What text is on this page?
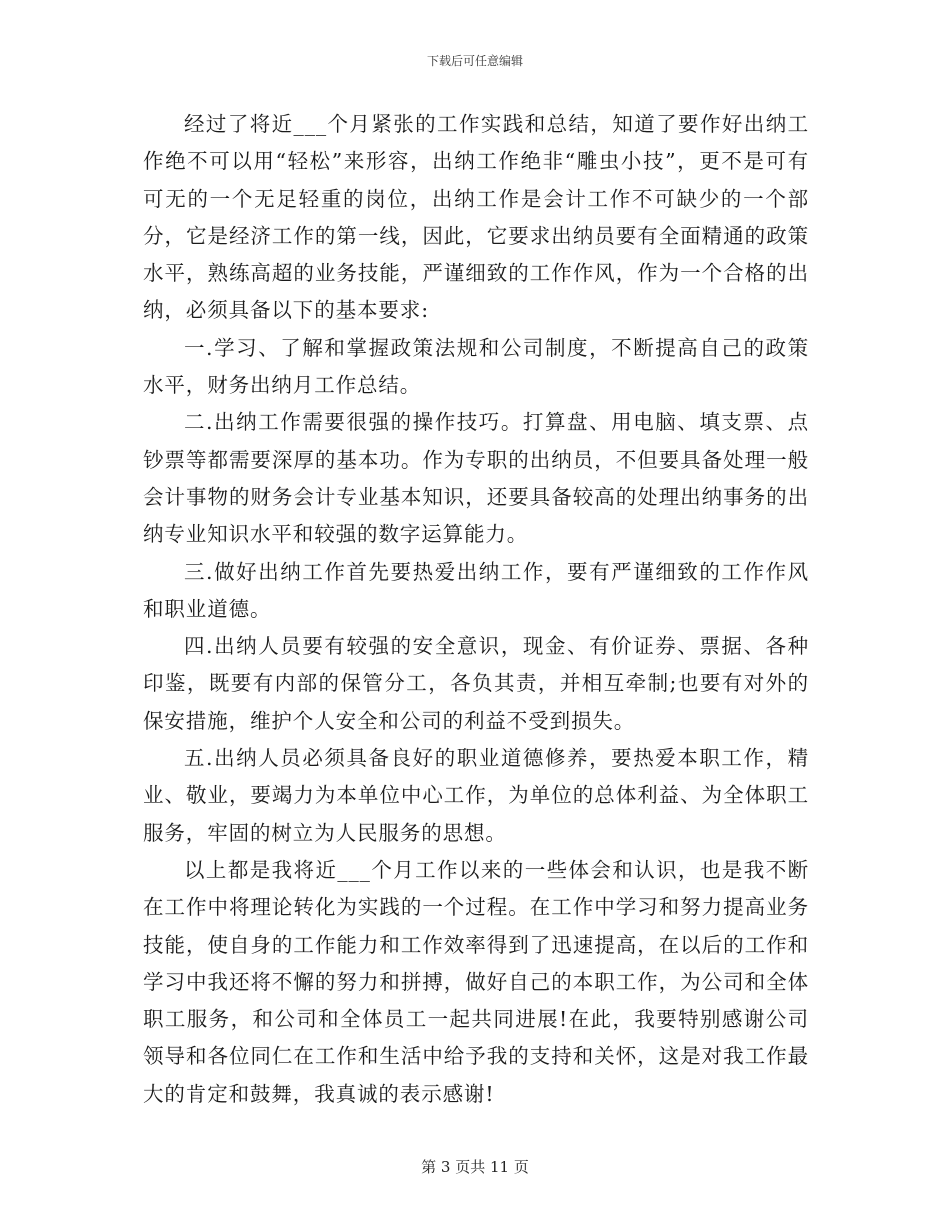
下载后可任意编辑

经过了将近___个月紧张的工作实践和总结，知道了要作好出纳工作绝不可以用“轻松”来形容，出纳工作绝非“雕虫小技”，更不是可有可无的一个无足轻重的岗位，出纳工作是会计工作不可缺少的一个部分，它是经济工作的第一线，因此，它要求出纳员要有全面精通的政策水平，熟练高超的业务技能，严谨细致的工作作风，作为一个合格的出纳，必须具备以下的基本要求:

一.学习、了解和掌握政策法规和公司制度，不断提高自己的政策水平，财务出纳月工作总结。

二.出纳工作需要很强的操作技巧。打算盘、用电脑、填支票、点钞票等都需要深厚的基本功。作为专职的出纳员，不但要具备处理一般会计事物的财务会计专业基本知识，还要具备较高的处理出纳事务的出纳专业知识水平和较强的数字运算能力。

三.做好出纳工作首先要热爱出纳工作，要有严谨细致的工作作风和职业道德。

四.出纳人员要有较强的安全意识，现金、有价证券、票据、各种印鉴，既要有内部的保管分工，各负其责，并相互牵制;也要有对外的保安措施，维护个人安全和公司的利益不受到损失。

五.出纳人员必须具备良好的职业道德修养，要热爱本职工作，精业、敬业，要竭力为本单位中心工作，为单位的总体利益、为全体职工服务，牢固的树立为人民服务的思想。

以上都是我将近___个月工作以来的一些体会和认识，也是我不断在工作中将理论转化为实践的一个过程。在工作中学习和努力提高业务技能，使自身的工作能力和工作效率得到了迅速提高，在以后的工作和学习中我还将不懈的努力和拼搏，做好自己的本职工作，为公司和全体职工服务，和公司和全体员工一起共同进展!在此，我要特别感谢公司领导和各位同仁在工作和生活中给予我的支持和关怀，这是对我工作最大的肯定和鼓舞，我真诚的表示感谢!

第 3 页共 11 页
